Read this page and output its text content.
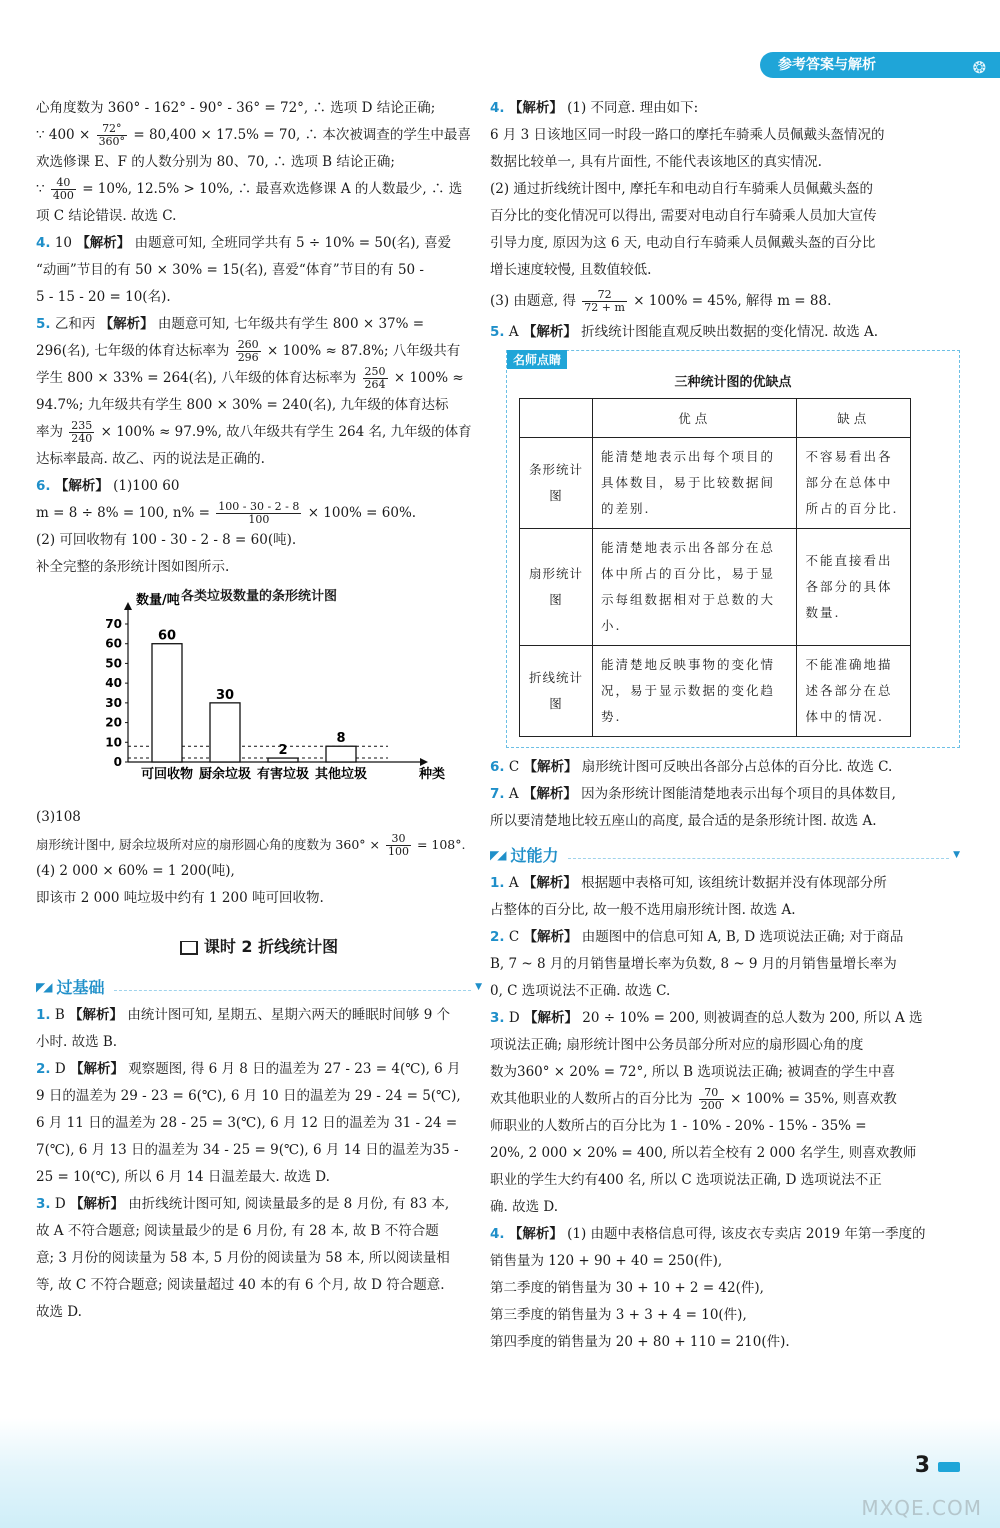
参考答案与解析	❂

心角度数为 360° - 162° - 90° - 36° = 72°, ∴ 选项 D 结论正确;

∵ $400 \times \frac{72^\circ}{360^\circ} = 80,400 \times 17.5\% = 70$, ∴ 本次被调查的学生中最喜

欢选修课 E、F 的人数分别为 80、70, ∴ 选项 B 结论正确;

∵ $\frac{40}{400} = 10\%$, 12.5% > 10%, ∴ 最喜欢选修课 A 的人数最少, ∴ 选

项 C 结论错误. 故选 C.

4. 10 【解析】 由题意可知, 全班同学共有 5 ÷ 10% = 50(名), 喜爱

“动画”节目的有 50 × 30% = 15(名), 喜爱“体育”节目的有 50 -

5 - 15 - 20 = 10(名).

5. 乙和丙 【解析】 由题意可知, 七年级共有学生 800 × 37% =

296(名), 七年级的体育达标率为 $\frac{260}{296} \times 100\% \approx 87.8\%$; 八年级共有

学生 800 × 33% = 264(名), 八年级的体育达标率为 $\frac{250}{264} \times 100\%$ ≈

94.7%; 九年级共有学生 800 × 30% = 240(名), 九年级的体育达标

率为 $\frac{235}{240} \times 100\% \approx 97.9\%$, 故八年级共有学生 264 名, 九年级的体育

达标率最高. 故乙、丙的说法是正确的.

6. 【解析】 (1)100 60

m = 8 ÷ 8% = 100, $n\% = \frac{100 - 30 - 2 - 8}{100} \times 100\% = 60\%$.

(2) 可回收物有 100 - 30 - 2 - 8 = 60(吨).

补全完整的条形统计图如图所示.

各类垃圾数量的条形统计图
数量/吨
0
10
20
30
40
50
60
70
60
可回收物
30
厨余垃圾
2
有害垃圾
8
其他垃圾	种类

(3)108

扇形统计图中, 厨余垃圾所对应的扇形圆心角的度数为 $360^\circ \times \frac{30}{100} = 108^\circ$.

(4) 2 000 × 60% = 1 200(吨),

即该市 2 000 吨垃圾中约有 1 200 吨可回收物.

课时 2 折线统计图
◤◢ 过基础	▼

1. B 【解析】 由统计图可知, 星期五、星期六两天的睡眠时间够 9 个

小时. 故选 B.

2. D 【解析】 观察题图, 得 6 月 8 日的温差为 27 - 23 = 4(℃), 6 月

9 日的温差为 29 - 23 = 6(℃), 6 月 10 日的温差为 29 - 24 = 5(℃),

6 月 11 日的温差为 28 - 25 = 3(℃), 6 月 12 日的温差为 31 - 24 =

7(℃), 6 月 13 日的温差为 34 - 25 = 9(℃), 6 月 14 日的温差为35 -

25 = 10(℃), 所以 6 月 14 日温差最大. 故选 D.

3. D 【解析】 由折线统计图可知, 阅读量最多的是 8 月份, 有 83 本,

故 A 不符合题意; 阅读量最少的是 6 月份, 有 28 本, 故 B 不符合题

意; 3 月份的阅读量为 58 本, 5 月份的阅读量为 58 本, 所以阅读量相

等, 故 C 不符合题意; 阅读量超过 40 本的有 6 个月, 故 D 符合题意.

故选 D.

4. 【解析】 (1) 不同意. 理由如下:

6 月 3 日该地区同一时段一路口的摩托车骑乘人员佩戴头盔情况的

数据比较单一, 具有片面性, 不能代表该地区的真实情况.

(2) 通过折线统计图中, 摩托车和电动自行车骑乘人员佩戴头盔的

百分比的变化情况可以得出, 需要对电动自行车骑乘人员加大宣传

引导力度, 原因为这 6 天, 电动自行车骑乘人员佩戴头盔的百分比

增长速度较慢, 且数值较低.

(3) 由题意, 得 $\frac{72}{72 + m} \times 100\% = 45\%$, 解得 m = 88.

5. A 【解析】 折线统计图能直观反映出数据的变化情况. 故选 A.

名师点睛
三种统计图的优缺点
	优点	缺点
条形统计图	能清楚地表示出每个项目的具体数目，易于比较数据间的差别.	不容易看出各部分在总体中所占的百分比.
扇形统计图	能清楚地表示出各部分在总体中所占的百分比，易于显示每组数据相对于总数的大小.	不能直接看出各部分的具体数量.
折线统计图	能清楚地反映事物的变化情况，易于显示数据的变化趋势.	不能准确地描述各部分在总体中的情况.

6. C 【解析】 扇形统计图可反映出各部分占总体的百分比. 故选 C.

7. A 【解析】 因为条形统计图能清楚地表示出每个项目的具体数目,

所以要清楚地比较五座山的高度, 最合适的是条形统计图. 故选 A.

◤◢ 过能力	▼

1. A 【解析】 根据题中表格可知, 该组统计数据并没有体现部分所

占整体的百分比, 故一般不选用扇形统计图. 故选 A.

2. C 【解析】 由题图中的信息可知 A, B, D 选项说法正确; 对于商品

B, 7 ~ 8 月的月销售量增长率为负数, 8 ~ 9 月的月销售量增长率为

0, C 选项说法不正确. 故选 C.

3. D 【解析】 20 ÷ 10% = 200, 则被调查的总人数为 200, 所以 A 选

项说法正确; 扇形统计图中公务员部分所对应的扇形圆心角的度

数为360° × 20% = 72°, 所以 B 选项说法正确; 被调查的学生中喜

欢其他职业的人数所占的百分比为 $\frac{70}{200} \times 100\% = 35\%$, 则喜欢教

师职业的人数所占的百分比为 1 - 10% - 20% - 15% - 35% =

20%, 2 000 × 20% = 400, 所以若全校有 2 000 名学生, 则喜欢教师

职业的学生大约有400 名, 所以 C 选项说法正确, D 选项说法不正

确. 故选 D.

4. 【解析】 (1) 由题中表格信息可得, 该皮衣专卖店 2019 年第一季度的

销售量为 120 + 90 + 40 = 250(件),

第二季度的销售量为 30 + 10 + 2 = 42(件),

第三季度的销售量为 3 + 3 + 4 = 10(件),

第四季度的销售量为 20 + 80 + 110 = 210(件).

3
MXQE.COM
